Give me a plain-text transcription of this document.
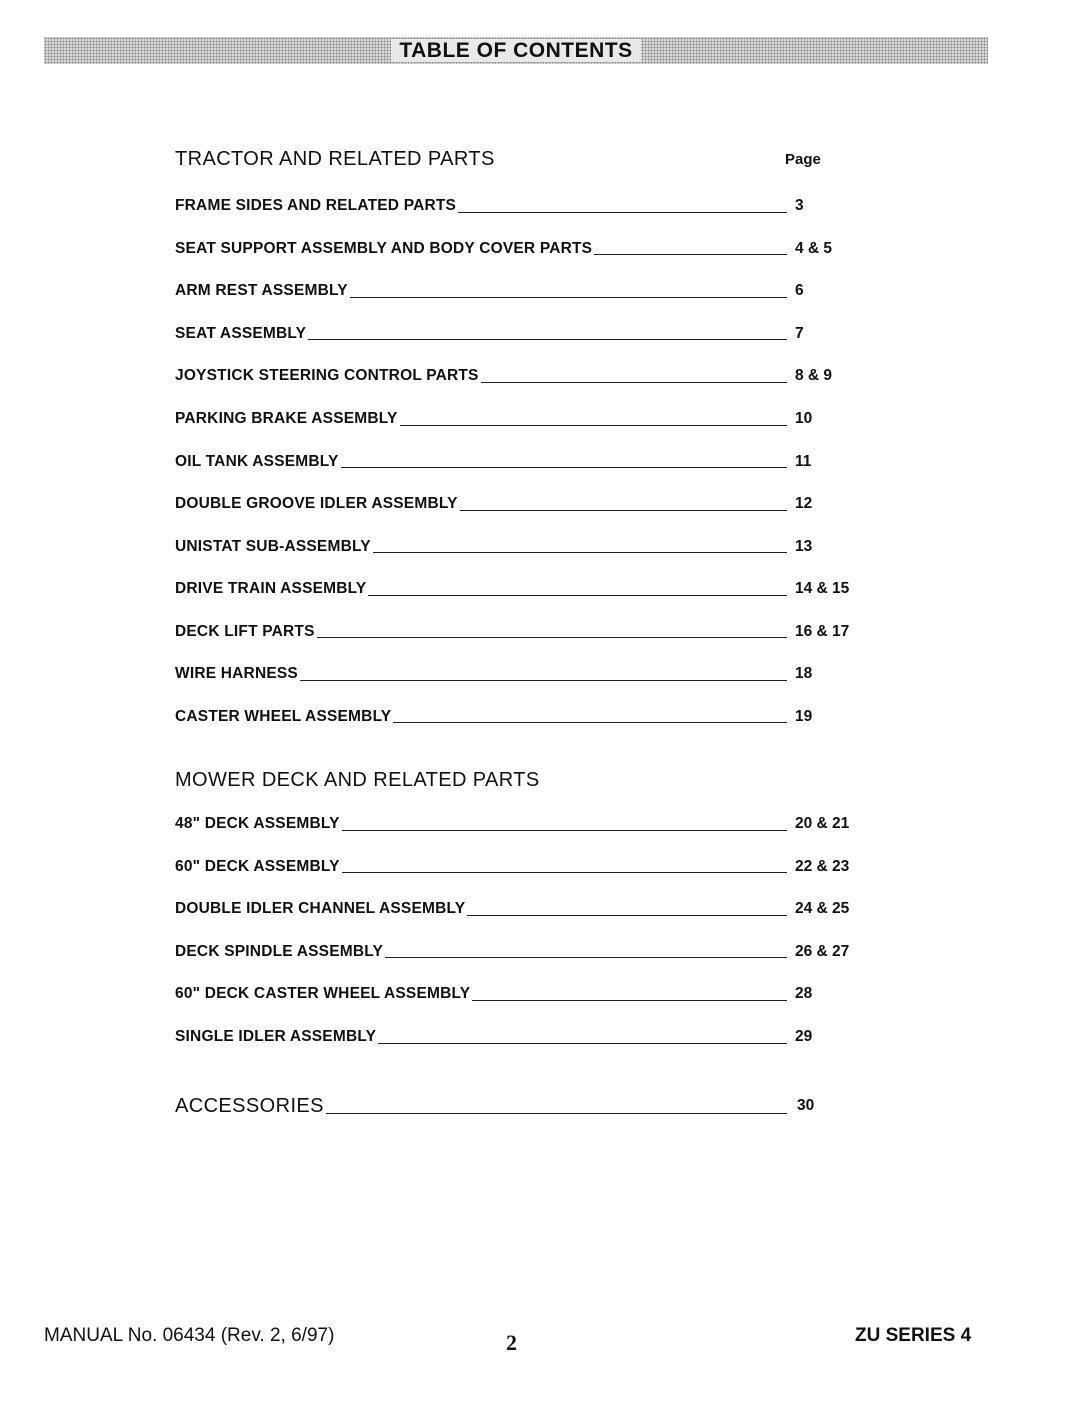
TABLE OF CONTENTS
TRACTOR AND RELATED PARTS	Page
FRAME SIDES AND RELATED PARTS	3
SEAT SUPPORT ASSEMBLY AND BODY COVER PARTS	4 & 5
ARM REST ASSEMBLY	6
SEAT ASSEMBLY	7
JOYSTICK STEERING CONTROL PARTS	8 & 9
PARKING BRAKE ASSEMBLY	10
OIL TANK ASSEMBLY	11
DOUBLE GROOVE IDLER ASSEMBLY	12
UNISTAT SUB-ASSEMBLY	13
DRIVE TRAIN ASSEMBLY	14 & 15
DECK LIFT PARTS	16 & 17
WIRE HARNESS	18
CASTER WHEEL ASSEMBLY	19
MOWER DECK AND RELATED PARTS
48" DECK ASSEMBLY	20 & 21
60" DECK ASSEMBLY	22 & 23
DOUBLE IDLER CHANNEL ASSEMBLY	24 & 25
DECK SPINDLE ASSEMBLY	26 & 27
60" DECK CASTER WHEEL ASSEMBLY	28
SINGLE IDLER ASSEMBLY	29
ACCESSORIES	30
MANUAL No. 06434 (Rev. 2, 6/97)	2	ZU SERIES 4
